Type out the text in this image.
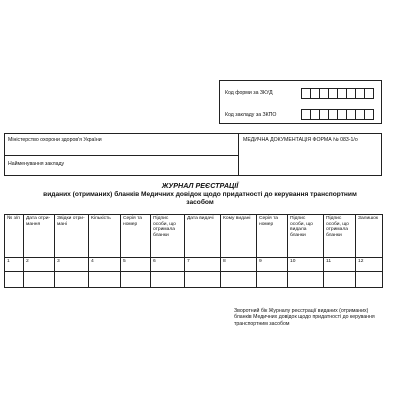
Код форми за ЗКУД
Код закладу за ЗКПО
Міністерство охорони здоров'я України
Найменування закладу
МЕДИЧНА ДОКУМЕНТАЦІЯ ФОРМА № 083-1/о
ЖУРНАЛ РЕЄСТРАЦІЇ
виданих (отриманих) бланків Медичних довідок щодо придатності до керування транспортним
засобом
№ з/п	Дата отримання	Звідки отримані	Кількість	Серія та номер	Підпис особи, що отримала бланки	Дата видачі	Кому видані	Серія та номер	Підпис особи, що видала бланки	Підпис особи, що отримала бланки	Залишок
1	2	3	4	5	6	7	8	9	10	11	12

Зворотний бік Журналу реєстрації виданих (отриманих)
бланків Медичних довідок щодо придатності до керування
транспортним засобом
